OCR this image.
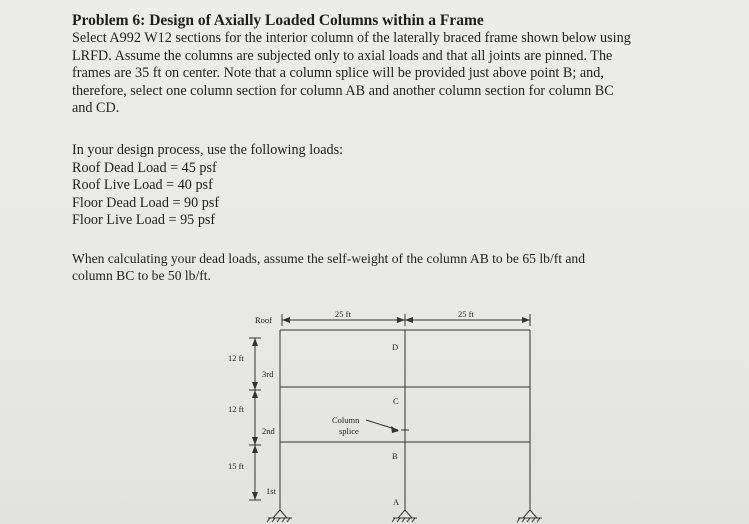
Problem 6: Design of Axially Loaded Columns within a Frame

Select A992 W12 sections for the interior column of the laterally braced frame shown below using

LRFD. Assume the columns are subjected only to axial loads and that all joints are pinned. The

frames are 35 ft on center. Note that a column splice will be provided just above point B; and,

therefore, select one column section for column AB and another column section for column BC

and CD.

In your design process, use the following loads:
Roof Dead Load = 45 psf
Roof Live Load = 40 psf
Floor Dead Load = 90 psf
Floor Live Load = 95 psf
When calculating your dead loads, assume the self-weight of the column AB to be 65 lb/ft and
column BC to be 50 lb/ft.
25 ft	25 ft
Roof
3rd
2nd
1st
12 ft
12 ft
15 ft
D
C
B
A
Column
splice
